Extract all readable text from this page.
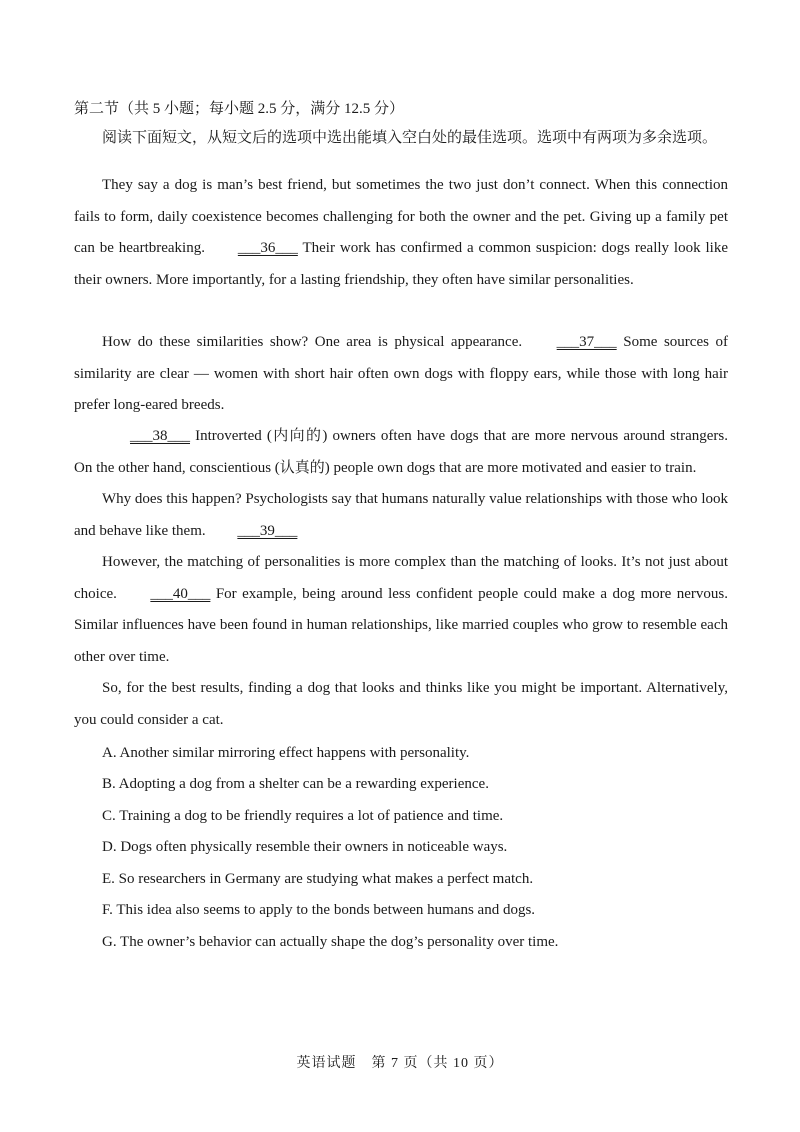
第二节（共 5 小题；每小题 2.5 分，满分 12.5 分）
阅读下面短文，从短文后的选项中选出能填入空白处的最佳选项。选项中有两项为多余选项。

They say a dog is man’s best friend, but sometimes the two just don’t connect. When this connection fails to form, daily coexistence becomes challenging for both the owner and the pet. Giving up a family pet can be heartbreaking. ___36___ Their work has confirmed a common suspicion: dogs really look like their owners. More importantly, for a lasting friendship, they often have similar personalities.

How do these similarities show? One area is physical appearance. ___37___ Some sources of similarity are clear — women with short hair often own dogs with floppy ears, while those with long hair prefer long-eared breeds.

___38___ Introverted (内向的) owners often have dogs that are more nervous around strangers. On the other hand, conscientious (认真的) people own dogs that are more motivated and easier to train.

Why does this happen? Psychologists say that humans naturally value relationships with those who look and behave like them. ___39___

However, the matching of personalities is more complex than the matching of looks. It’s not just about choice. ___40___ For example, being around less confident people could make a dog more nervous. Similar influences have been found in human relationships, like married couples who grow to resemble each other over time.

So, for the best results, finding a dog that looks and thinks like you might be important. Alternatively, you could consider a cat.

A. Another similar mirroring effect happens with personality.
B. Adopting a dog from a shelter can be a rewarding experience.
C. Training a dog to be friendly requires a lot of patience and time.
D. Dogs often physically resemble their owners in noticeable ways.
E. So researchers in Germany are studying what makes a perfect match.
F. This idea also seems to apply to the bonds between humans and dogs.
G. The owner’s behavior can actually shape the dog’s personality over time.
英语试题　第 7 页（共 10 页）
